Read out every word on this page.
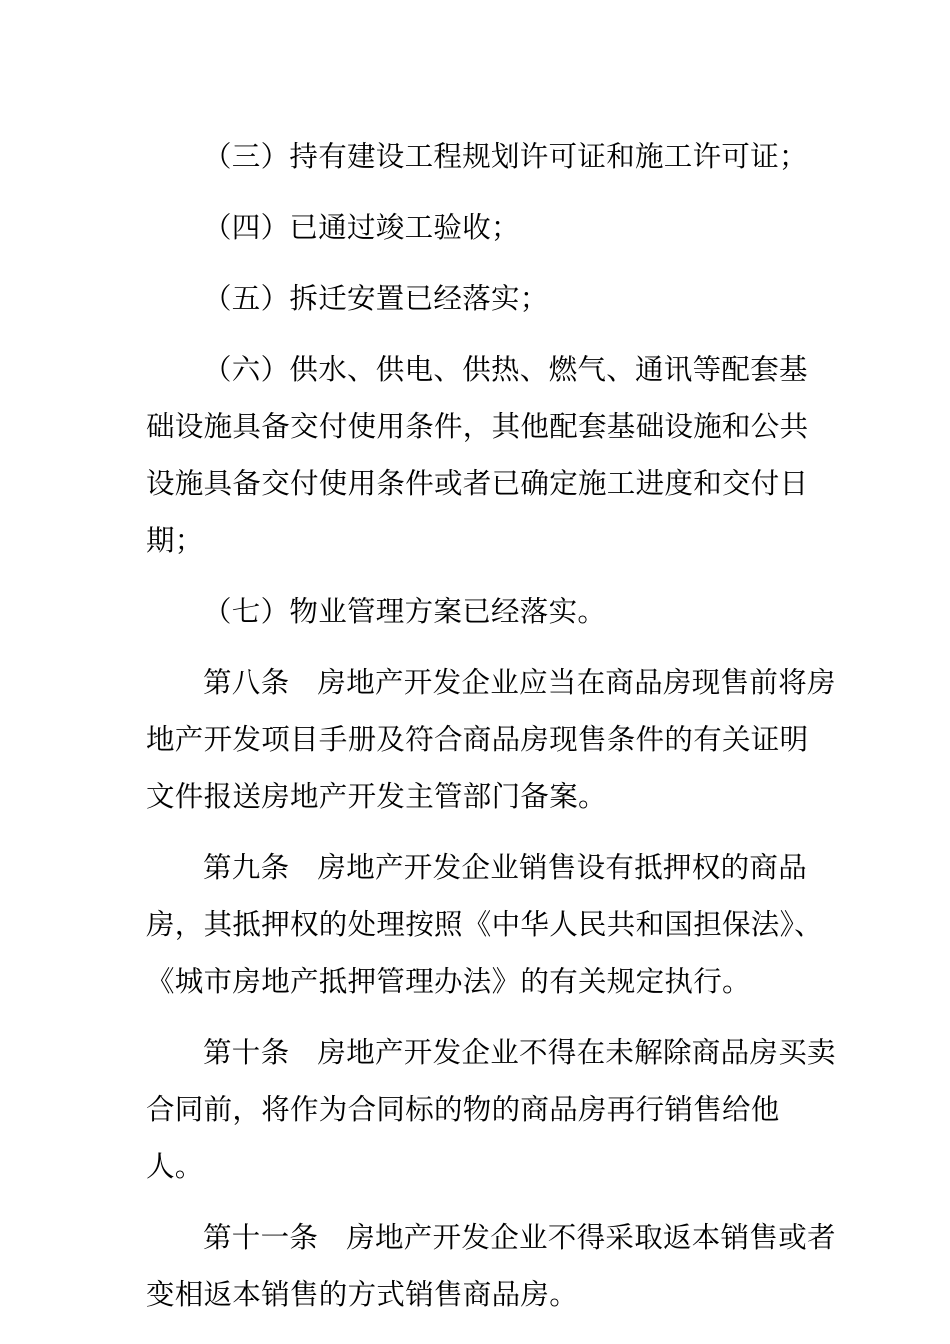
（三）持有建设工程规划许可证和施工许可证；

（四）已通过竣工验收；

（五）拆迁安置已经落实；

（六）供水、供电、供热、燃气、通讯等配套基础设施具备交付使用条件，其他配套基础设施和公共设施具备交付使用条件或者已确定施工进度和交付日期；

（七）物业管理方案已经落实。

第八条 房地产开发企业应当在商品房现售前将房地产开发项目手册及符合商品房现售条件的有关证明文件报送房地产开发主管部门备案。

第九条 房地产开发企业销售设有抵押权的商品房，其抵押权的处理按照《中华人民共和国担保法》、《城市房地产抵押管理办法》的有关规定执行。

第十条 房地产开发企业不得在未解除商品房买卖合同前，将作为合同标的物的商品房再行销售给他人。

第十一条 房地产开发企业不得采取返本销售或者变相返本销售的方式销售商品房。
